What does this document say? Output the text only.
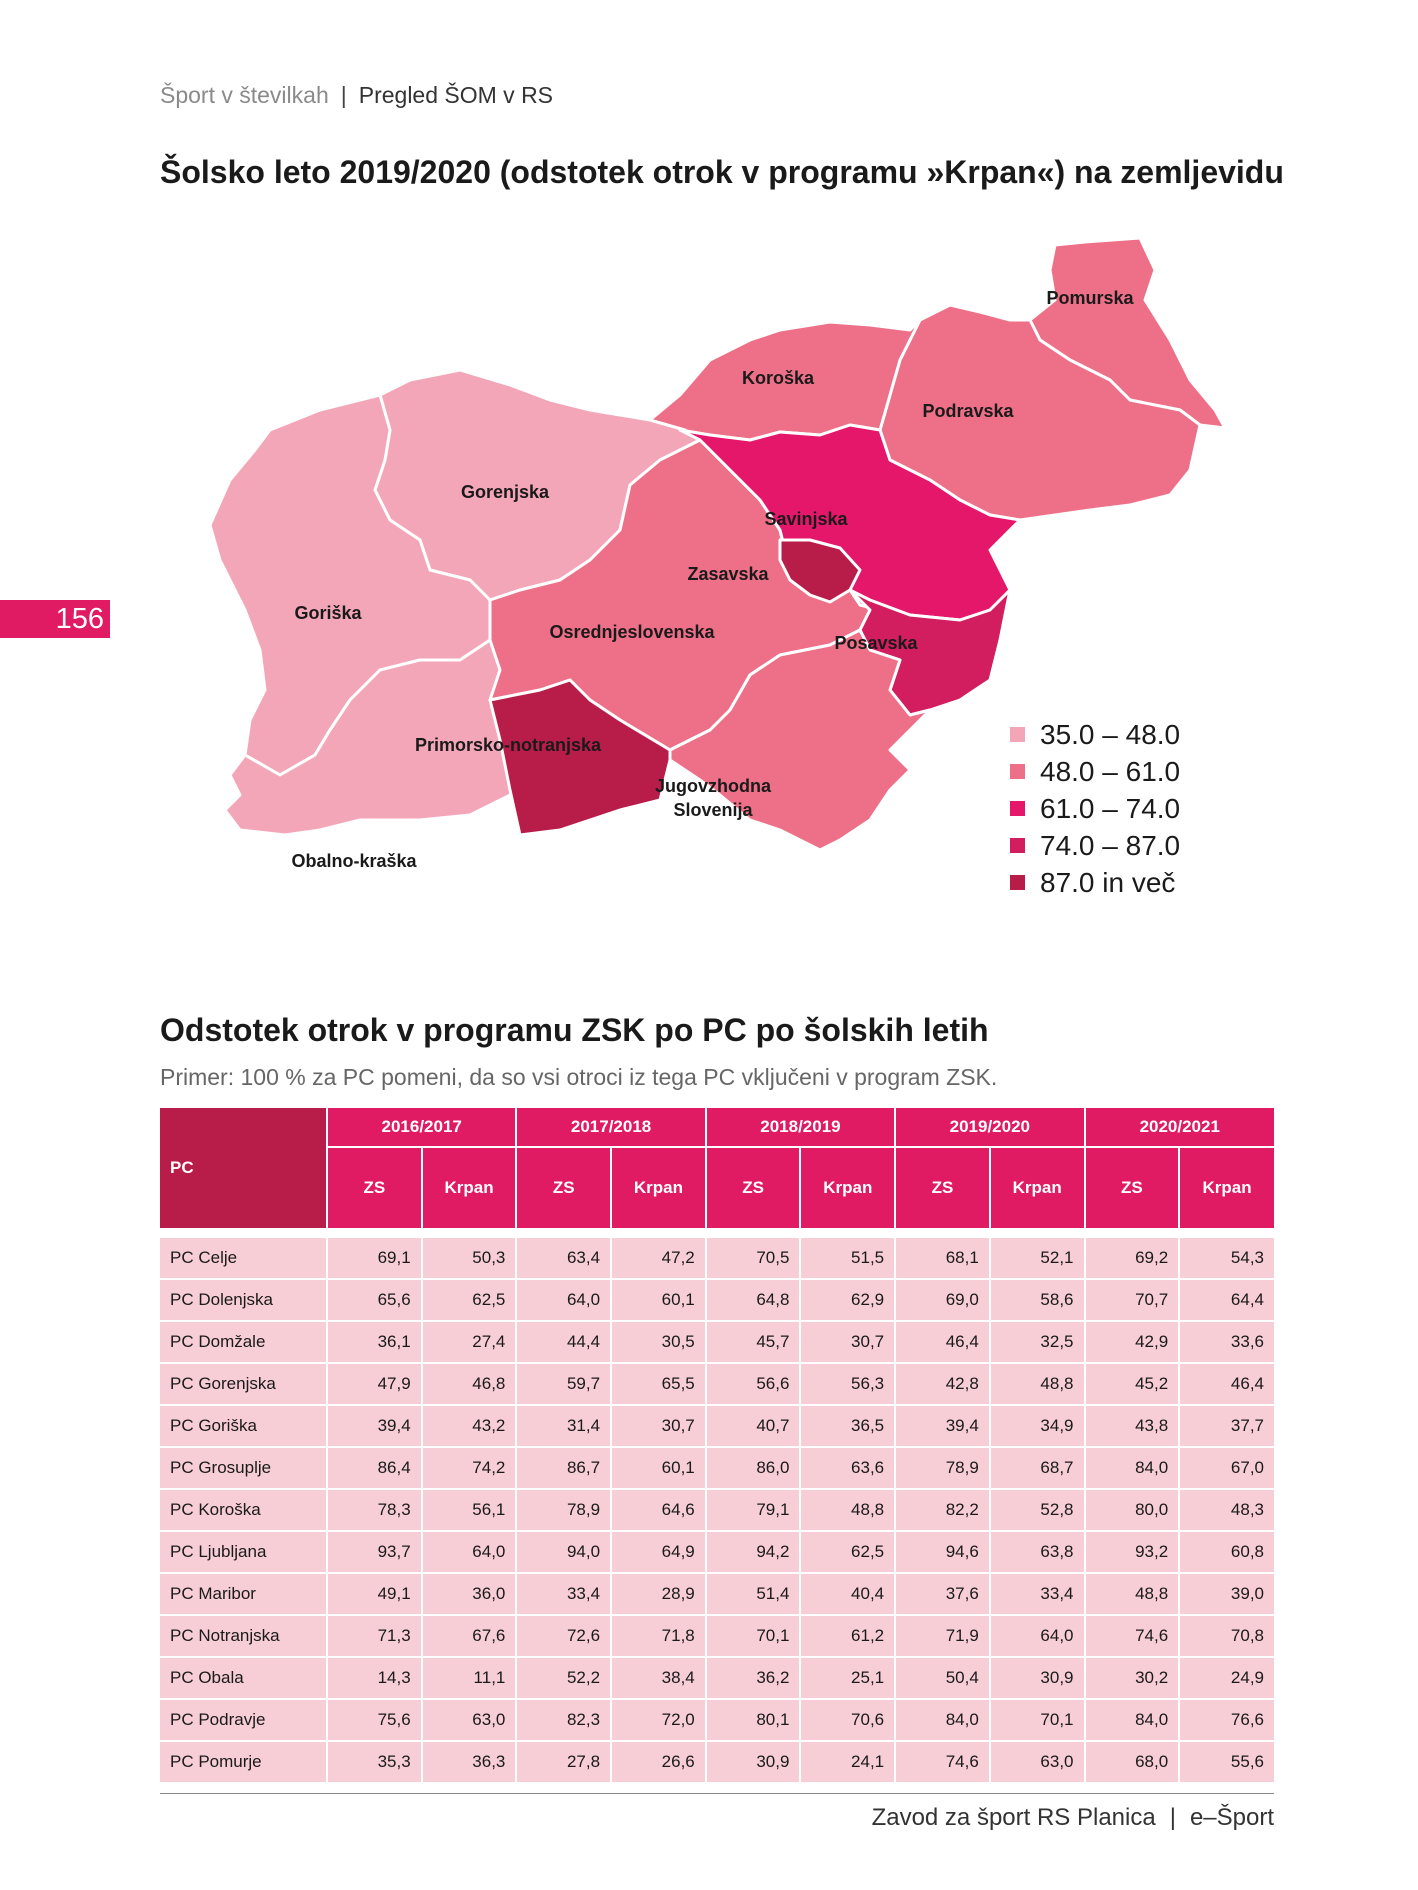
Šport v številkah | Pregled ŠOM v RS
156
Šolsko leto 2019/2020 (odstotek otrok v programu »Krpan«) na zemljevidu
Pomurska
Podravska
Koroška
Gorenjska
Savinjska
Zasavska
Goriška
Osrednjeslovenska
Posavska
Primorsko-notranjska
Jugovzhodna
Slovenija
Obalno-kraška
35.0 – 48.0
48.0 – 61.0
61.0 – 74.0
74.0 – 87.0
87.0 in več
Odstotek otrok v programu ZSK po PC po šolskih letih
Primer: 100 % za PC pomeni, da so vsi otroci iz tega PC vključeni v program ZSK.
PC	2016/2017		2017/2018		2018/2019		2019/2020		2020/2021	
	ZS	Krpan	ZS	Krpan	ZS	Krpan	ZS	Krpan	ZS	Krpan

PC Celje	69,1	50,3	63,4	47,2	70,5	51,5	68,1	52,1	69,2	54,3
PC Dolenjska	65,6	62,5	64,0	60,1	64,8	62,9	69,0	58,6	70,7	64,4
PC Domžale	36,1	27,4	44,4	30,5	45,7	30,7	46,4	32,5	42,9	33,6
PC Gorenjska	47,9	46,8	59,7	65,5	56,6	56,3	42,8	48,8	45,2	46,4
PC Goriška	39,4	43,2	31,4	30,7	40,7	36,5	39,4	34,9	43,8	37,7
PC Grosuplje	86,4	74,2	86,7	60,1	86,0	63,6	78,9	68,7	84,0	67,0
PC Koroška	78,3	56,1	78,9	64,6	79,1	48,8	82,2	52,8	80,0	48,3
PC Ljubljana	93,7	64,0	94,0	64,9	94,2	62,5	94,6	63,8	93,2	60,8
PC Maribor	49,1	36,0	33,4	28,9	51,4	40,4	37,6	33,4	48,8	39,0
PC Notranjska	71,3	67,6	72,6	71,8	70,1	61,2	71,9	64,0	74,6	70,8
PC Obala	14,3	11,1	52,2	38,4	36,2	25,1	50,4	30,9	30,2	24,9
PC Podravje	75,6	63,0	82,3	72,0	80,1	70,6	84,0	70,1	84,0	76,6
PC Pomurje	35,3	36,3	27,8	26,6	30,9	24,1	74,6	63,0	68,0	55,6
Zavod za šport RS Planica | e–Šport
